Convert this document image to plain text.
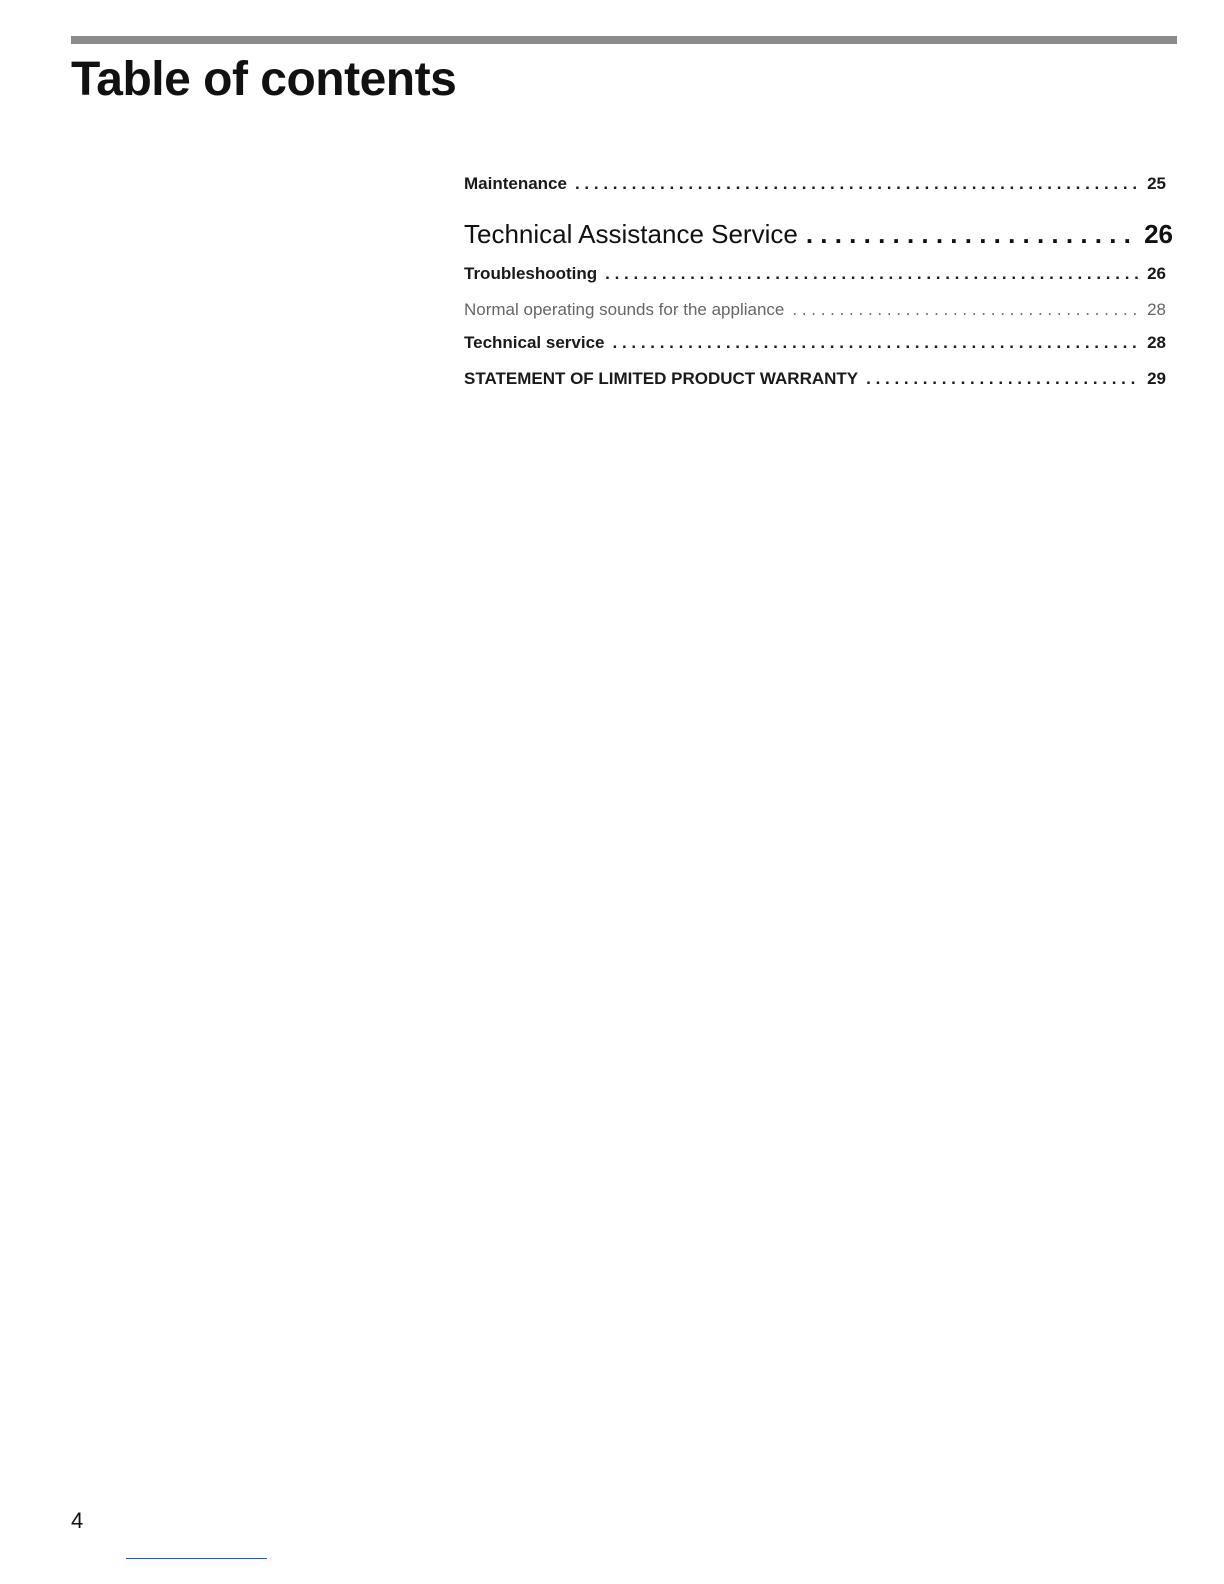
Table of contents
Maintenance . . .	25
Technical Assistance Service . . .	26
Troubleshooting . . .	26
Normal operating sounds for the appliance . . .	28
Technical service . . .	28
STATEMENT OF LIMITED PRODUCT WARRANTY . . .	29
4
